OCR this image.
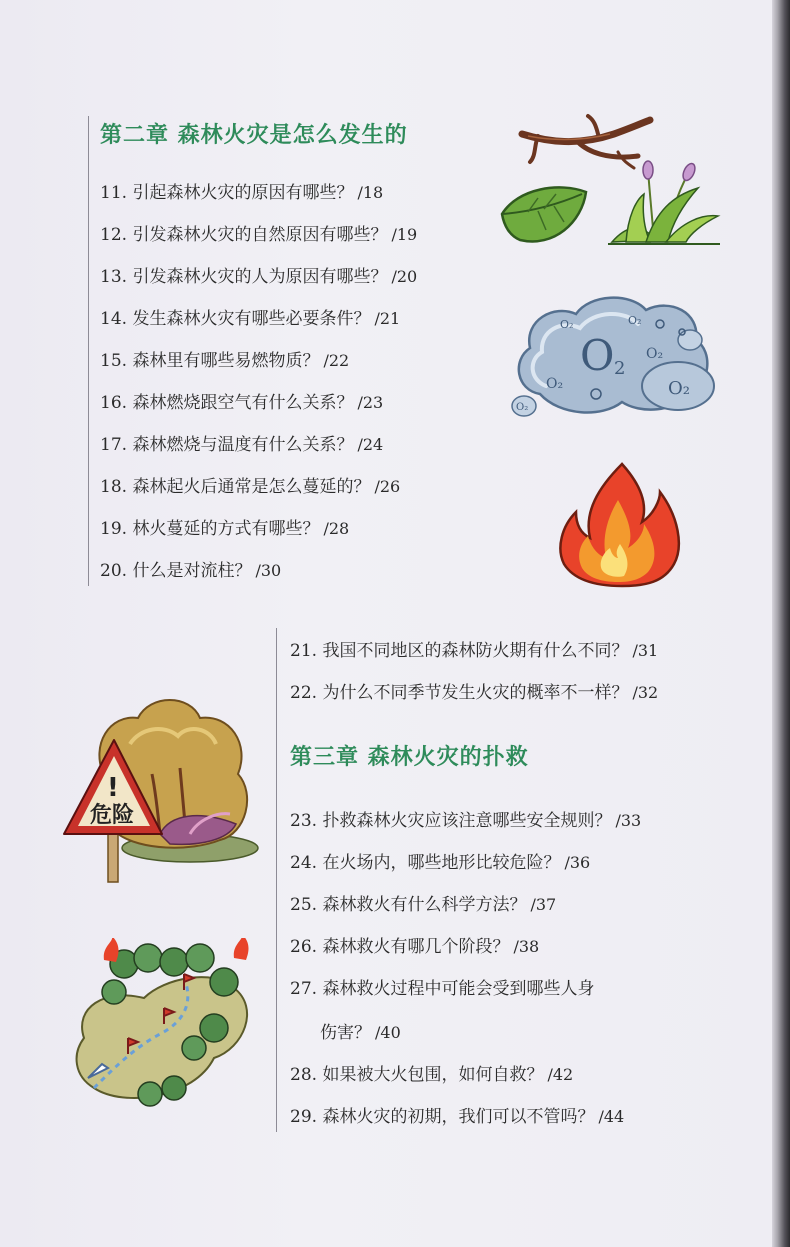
第二章 森林火灾是怎么发生的
11. 引起森林火灾的原因有哪些？ /18
12. 引发森林火灾的自然原因有哪些？ /19
13. 引发森林火灾的人为原因有哪些？ /20
14. 发生森林火灾有哪些必要条件？ /21
15. 森林里有哪些易燃物质？ /22
16. 森林燃烧跟空气有什么关系？ /23
17. 森林燃烧与温度有什么关系？ /24
18. 森林起火后通常是怎么蔓延的？ /26
19. 林火蔓延的方式有哪些？ /28
20. 什么是对流柱？ /30
21. 我国不同地区的森林防火期有什么不同？ /31
22. 为什么不同季节发生火灾的概率不一样？ /32
第三章 森林火灾的扑救
23. 扑救森林火灾应该注意哪些安全规则？ /33
24. 在火场内，哪些地形比较危险？ /36
25. 森林救火有什么科学方法？ /37
26. 森林救火有哪几个阶段？ /38
27. 森林救火过程中可能会受到哪些人身
伤害？ /40
28. 如果被大火包围，如何自救？ /42
29. 森林火灾的初期，我们可以不管吗？ /44
O 2
O₂
O₂
O₂
O₂	O₂
O₂
!
危险
